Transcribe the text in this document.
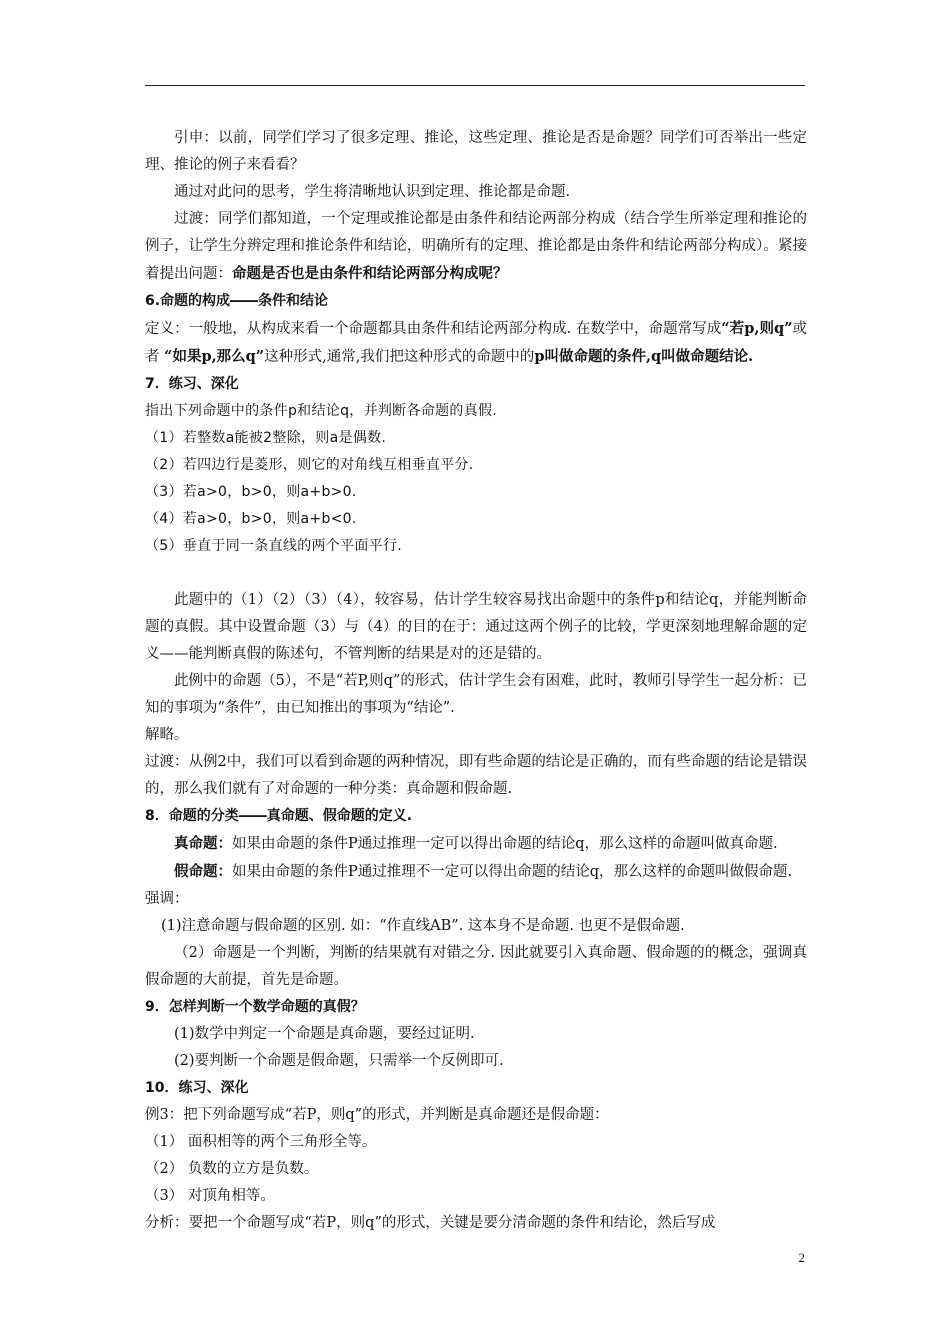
引申：以前，同学们学习了很多定理、推论，这些定理、推论是否是命题？同学们可否举出一些定理、推论的例子来看看？

通过对此问的思考，学生将清晰地认识到定理、推论都是命题.

过渡：同学们都知道，一个定理或推论都是由条件和结论两部分构成（结合学生所举定理和推论的例子，让学生分辨定理和推论条件和结论，明确所有的定理、推论都是由条件和结论两部分构成）。紧接着提出问题：命题是否也是由条件和结论两部分构成呢？

6.命题的构成――条件和结论

定义：一般地，从构成来看一个命题都具由条件和结论两部分构成. 在数学中，命题常写成“若p,则q”或者 “如果p,那么q”这种形式,通常,我们把这种形式的命题中的p叫做命题的条件,q叫做命题结论.

7．练习、深化

指出下列命题中的条件p和结论q，并判断各命题的真假.

（1）若整数a能被2整除，则a是偶数.

（2）若四边行是菱形，则它的对角线互相垂直平分.

（3）若a>0，b>0，则a+b>0.

（4）若a>0，b>0，则a+b<0.

（5）垂直于同一条直线的两个平面平行.

此题中的（1）（2）（3）（4），较容易，估计学生较容易找出命题中的条件p和结论q，并能判断命题的真假。其中设置命题（3）与（4）的目的在于：通过这两个例子的比较，学更深刻地理解命题的定义——能判断真假的陈述句，不管判断的结果是对的还是错的。

此例中的命题（5），不是“若P,则q”的形式，估计学生会有困难，此时，教师引导学生一起分析：已知的事项为“条件”，由已知推出的事项为“结论”.

解略。

过渡：从例2中，我们可以看到命题的两种情况，即有些命题的结论是正确的，而有些命题的结论是错误的，那么我们就有了对命题的一种分类：真命题和假命题.

8．命题的分类――真命题、假命题的定义.

真命题：如果由命题的条件P通过推理一定可以得出命题的结论q，那么这样的命题叫做真命题.

假命题：如果由命题的条件P通过推理不一定可以得出命题的结论q，那么这样的命题叫做假命题.

强调：

(1)注意命题与假命题的区别. 如：“作直线AB”. 这本身不是命题. 也更不是假命题.

（2）命题是一个判断，判断的结果就有对错之分. 因此就要引入真命题、假命题的的概念，强调真假命题的大前提，首先是命题。

9．怎样判断一个数学命题的真假？

(1)数学中判定一个命题是真命题，要经过证明.

(2)要判断一个命题是假命题，只需举一个反例即可.

10．练习、深化

例3：把下列命题写成“若P，则q”的形式，并判断是真命题还是假命题：

（1） 面积相等的两个三角形全等。

（2） 负数的立方是负数。

（3） 对顶角相等。

分析：要把一个命题写成“若P，则q”的形式，关键是要分清命题的条件和结论，然后写成

2
